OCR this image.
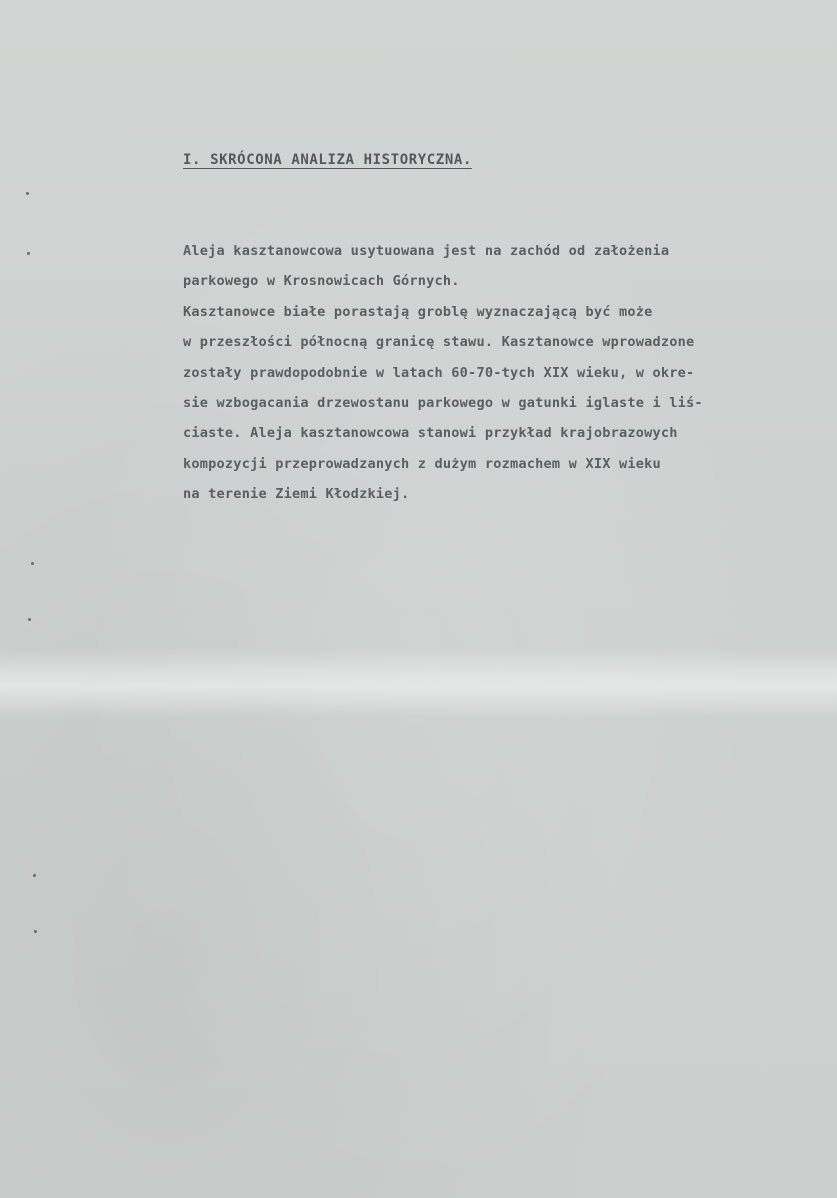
I. SKRÓCONA ANALIZA HISTORYCZNA.
Aleja kasztanowcowa usytuowana jest na zachód od założenia
parkowego w Krosnowicach Górnych.
Kasztanowce białe porastają groblę wyznaczającą być może
w przeszłości północną granicę stawu. Kasztanowce wprowadzone
zostały prawdopodobnie w latach 60-70-tych XIX wieku, w okre-
sie wzbogacania drzewostanu parkowego w gatunki iglaste i liś-
ciaste. Aleja kasztanowcowa stanowi przykład krajobrazowych
kompozycji przeprowadzanych z dużym rozmachem w XIX wieku
na terenie Ziemi Kłodzkiej.
